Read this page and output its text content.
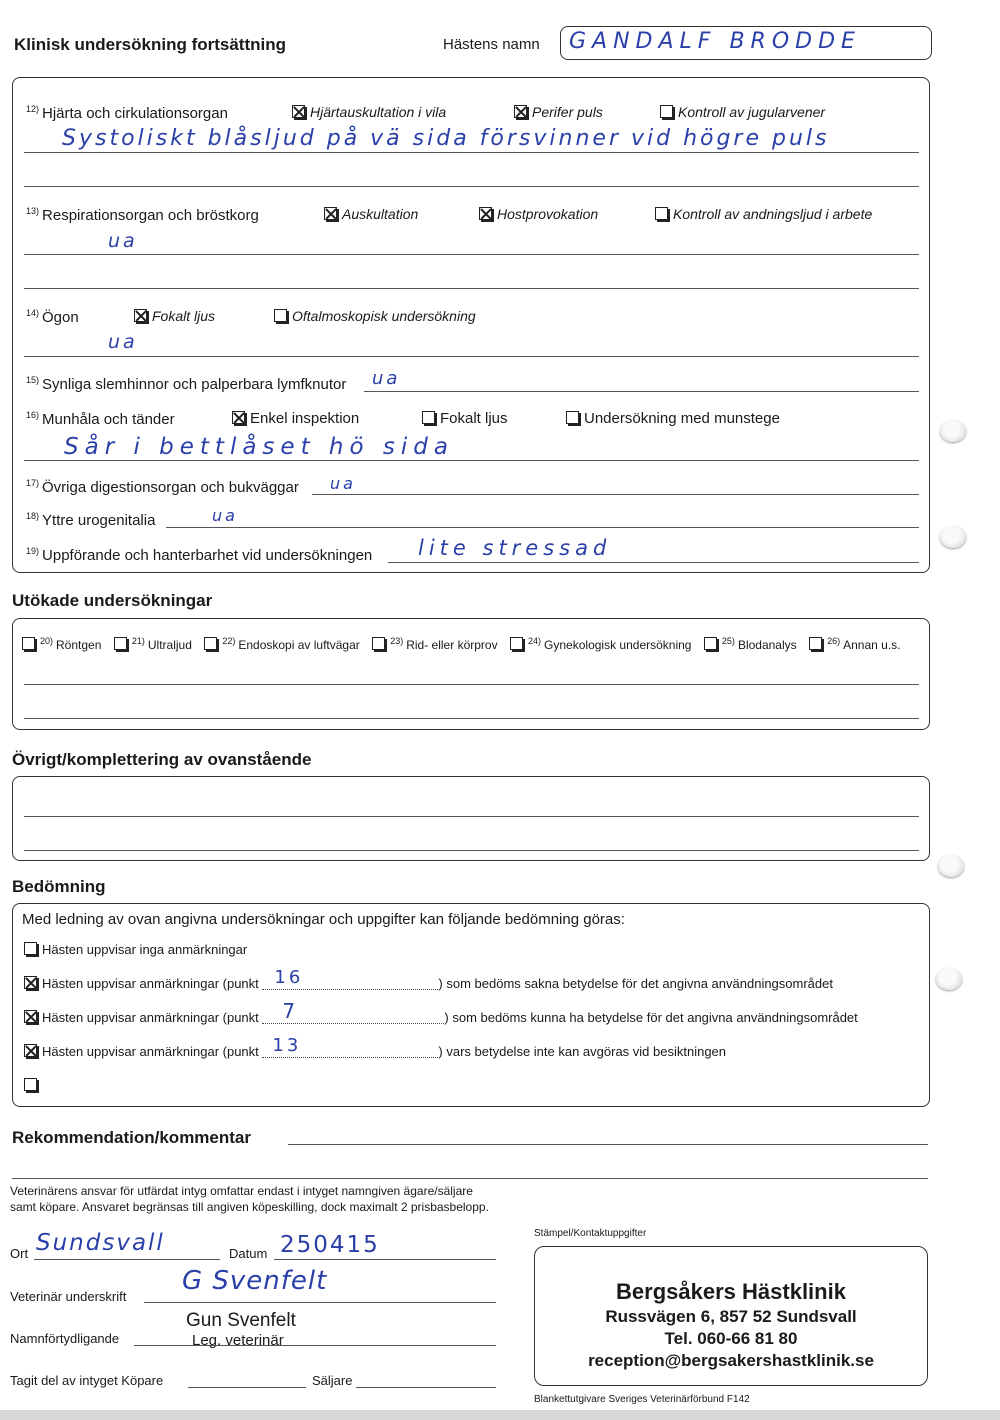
Klinisk undersökning fortsättning	Hästens namn GANDALF BRODDE
$^{12)}$ Hjärta och cirkulationsorgan	Hjärtauskultation i vila	Perifer puls	Kontroll av jugularvener
Systoliskt blåsljud på vä sida försvinner vid högre puls
$^{13)}$ Respirationsorgan och bröstkorg	Auskultation	Hostprovokation	Kontroll av andningsljud i arbete
ua
$^{14)}$ Ögon	Fokalt ljus	Oftalmoskopisk undersökning
ua
$^{15)}$ Synliga slemhinnor och palperbara lymfknutor ua
$^{16)}$ Munhåla och tänder	Enkel inspektion	Fokalt ljus	Undersökning med munstege
Sår i bettlåset hö sida
$^{17)}$ Övriga digestionsorgan och bukväggar ua
$^{18)}$ Yttre urogenitalia	ua
$^{19)}$ Uppförande och hanterbarhet vid undersökningen lite stressad
Utökade undersökningar
$^{20)}$ Röntgen	$^{21)}$ Ultraljud	$^{22)}$ Endoskopi av luftvägar	$^{23)}$ Rid- eller körprov	$^{24)}$ Gynekologisk undersökning	$^{25)}$ Blodanalys	$^{26)}$ Annan u.s.
Övrigt/komplettering av ovanstående
Bedömning
Med ledning av ovan angivna undersökningar och uppgifter kan följande bedömning göras:
Hästen uppvisar inga anmärkningar
Hästen uppvisar anmärkningar (punkt 16	) som bedöms sakna betydelse för det angivna användningsområdet
Hästen uppvisar anmärkningar (punkt 7	) som bedöms kunna ha betydelse för det angivna användningsområdet
Hästen uppvisar anmärkningar (punkt 13	) vars betydelse inte kan avgöras vid besiktningen
Rekommendation/kommentar
Veterinärens ansvar för utfärdat intyg omfattar endast i intyget namngiven ägare/säljare
samt köpare. Ansvaret begränsas till angiven köpeskilling, dock maximalt 2 prisbasbelopp.
Ort Sundsvall	Datum 250415
Veterinär underskrift
G Svenfelt
Gun Svenfelt
Leg. veterinär
Namnförtydligande
Tagit del av intyget Köpare	Säljare
Stämpel/Kontaktuppgifter
Bergsåkers Hästklinik
Russvägen 6, 857 52 Sundsvall
Tel. 060-66 81 80
reception@bergsakershastklinik.se
Blankettutgivare Sveriges Veterinärförbund F142
